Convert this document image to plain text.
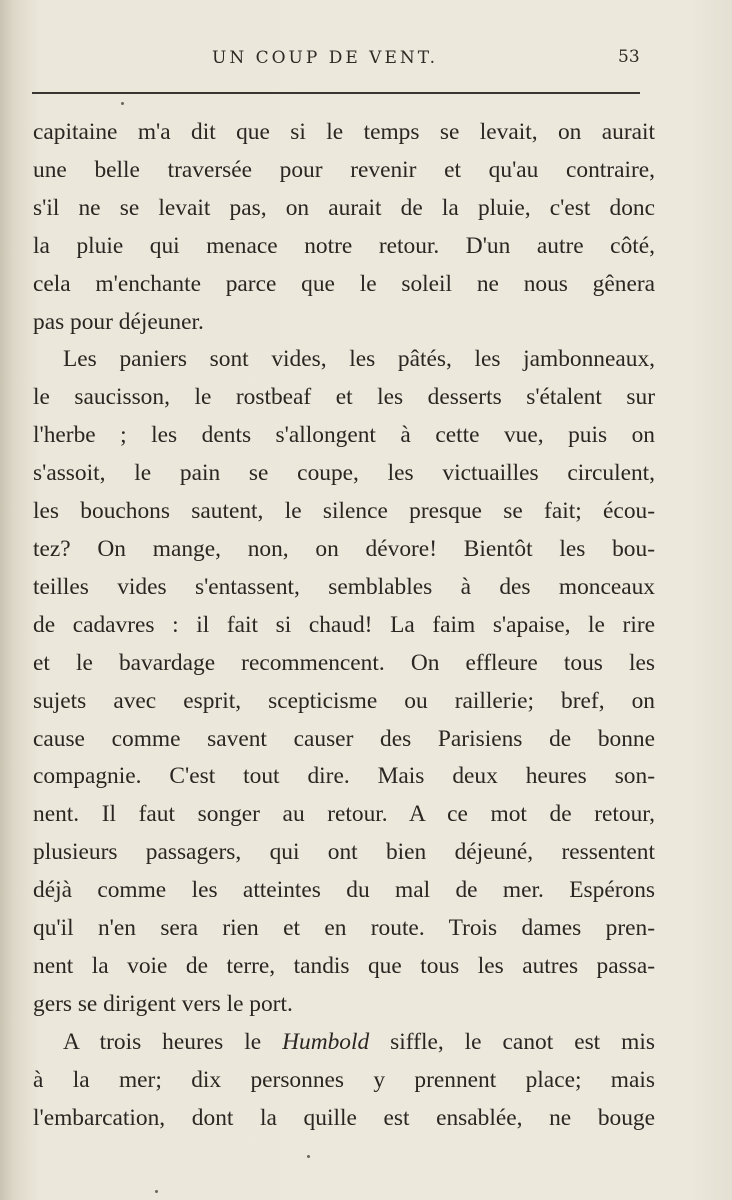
UN COUP DE VENT.	53

capitaine m'a dit que si le temps se levait, on aurait
une belle traversée pour revenir et qu'au contraire,
s'il ne se levait pas, on aurait de la pluie, c'est donc
la pluie qui menace notre retour. D'un autre côté,
cela m'enchante parce que le soleil ne nous gênera
pas pour déjeuner.

Les paniers sont vides, les pâtés, les jambonneaux,
le saucisson, le rostbeaf et les desserts s'étalent sur
l'herbe ; les dents s'allongent à cette vue, puis on
s'assoit, le pain se coupe, les victuailles circulent,
les bouchons sautent, le silence presque se fait; écou-
tez? On mange, non, on dévore! Bientôt les bou-
teilles vides s'entassent, semblables à des monceaux
de cadavres : il fait si chaud! La faim s'apaise, le rire
et le bavardage recommencent. On effleure tous les
sujets avec esprit, scepticisme ou raillerie; bref, on
cause comme savent causer des Parisiens de bonne
compagnie. C'est tout dire. Mais deux heures son-
nent. Il faut songer au retour. A ce mot de retour,
plusieurs passagers, qui ont bien déjeuné, ressentent
déjà comme les atteintes du mal de mer. Espérons
qu'il n'en sera rien et en route. Trois dames pren-
nent la voie de terre, tandis que tous les autres passa-
gers se dirigent vers le port.

A trois heures le Humbold siffle, le canot est mis
à la mer; dix personnes y prennent place; mais
l'embarcation, dont la quille est ensablée, ne bouge
